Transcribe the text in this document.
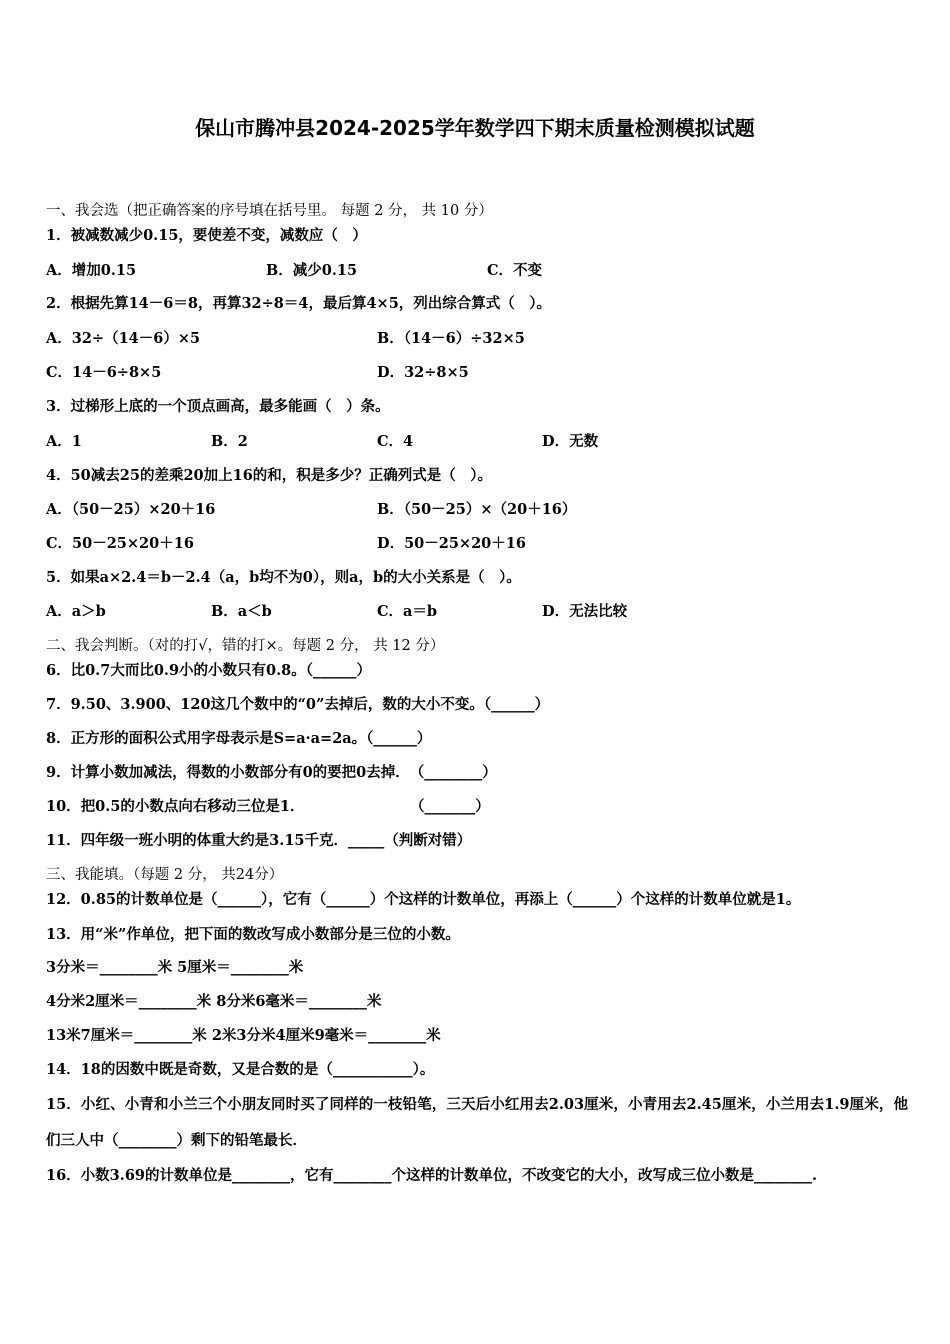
保山市腾冲县2024-2025学年数学四下期末质量检测模拟试题
一、我会选（把正确答案的序号填在括号里。 每题 2 分， 共 10 分）
1．被减数减少0.15，要使差不变，减数应（　）
A．增加0.15	B．减少0.15	C．不变
2．根据先算14－6＝8，再算32÷8＝4，最后算4×5，列出综合算式（　）。
A．32÷（14－6）×5	B．（14－6）÷32×5
C．14－6÷8×5	D．32÷8×5
3．过梯形上底的一个顶点画高，最多能画（　）条。
A．1	B．2	C．4	D．无数
4．50减去25的差乘20加上16的和，积是多少？正确列式是（　）。
A．（50－25）×20＋16	B．（50－25）×（20＋16）
C．50－25×20＋16	D．50－25×20＋16
5．如果a×2.4＝b－2.4（a，b均不为0），则a，b的大小关系是（　）。
A．a＞b	B．a＜b	C．a＝b	D．无法比较
二、我会判断。（对的打√，错的打×。每题 2 分， 共 12 分）
6．比0.7大而比0.9小的小数只有0.8。（______）
7．9.50、3.900、120这几个数中的“0”去掉后，数的大小不变。（______）
8．正方形的面积公式用字母表示是S=a·a=2a。（______）
9．计算小数加减法，得数的小数部分有0的要把0去掉．　（________）
10．把0.5的小数点向右移动三位是1．	（_______）
11．四年级一班小明的体重大约是3.15千克．_____（判断对错）
三、我能填。（每题 2 分， 共24分）
12．0.85的计数单位是（______），它有（______）个这样的计数单位，再添上（______）个这样的计数单位就是1。
13．用“米”作单位，把下面的数改写成小数部分是三位的小数。
3分米＝________米 5厘米＝________米
4分米2厘米＝________米 8分米6毫米＝________米
13米7厘米＝________米 2米3分米4厘米9毫米＝________米
14．18的因数中既是奇数，又是合数的是（___________）。
15．小红、小青和小兰三个小朋友同时买了同样的一枝铅笔，三天后小红用去2.03厘米，小青用去2.45厘米，小兰用去1.9厘米，他们三人中（________）剩下的铅笔最长．
16．小数3.69的计数单位是________，它有________个这样的计数单位，不改变它的大小，改写成三位小数是________.
